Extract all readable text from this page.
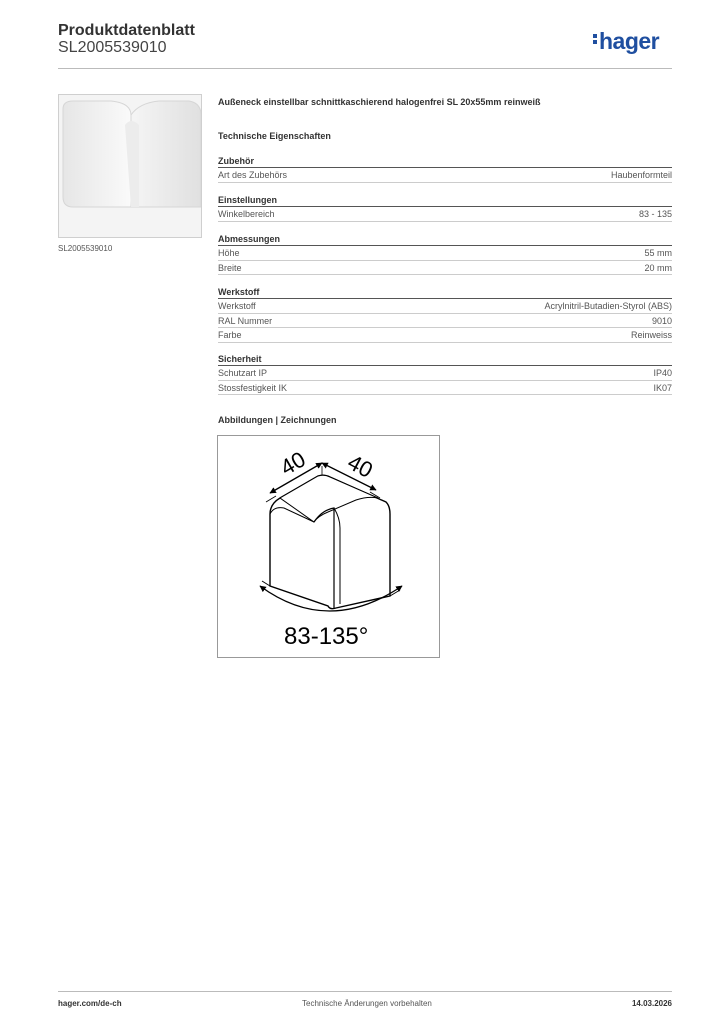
Produktdatenblatt
SL2005539010	hager
SL2005539010
Außeneck einstellbar schnittkaschierend halogenfrei SL 20x55mm reinweiß
Technische Eigenschaften
Zubehör
Art des Zubehörs	Haubenformteil
Einstellungen
Winkelbereich	83 - 135
Abmessungen
Höhe	55 mm
Breite	20 mm
Werkstoff
Werkstoff	Acrylnitril-Butadien-Styrol (ABS)
RAL Nummer	9010
Farbe	Reinweiss
Sicherheit
Schutzart IP	IP40
Stossfestigkeit IK	IK07
Abbildungen | Zeichnungen
40 40
83-135°
hager.com/de-ch	Technische Änderungen vorbehalten	14.03.2026
